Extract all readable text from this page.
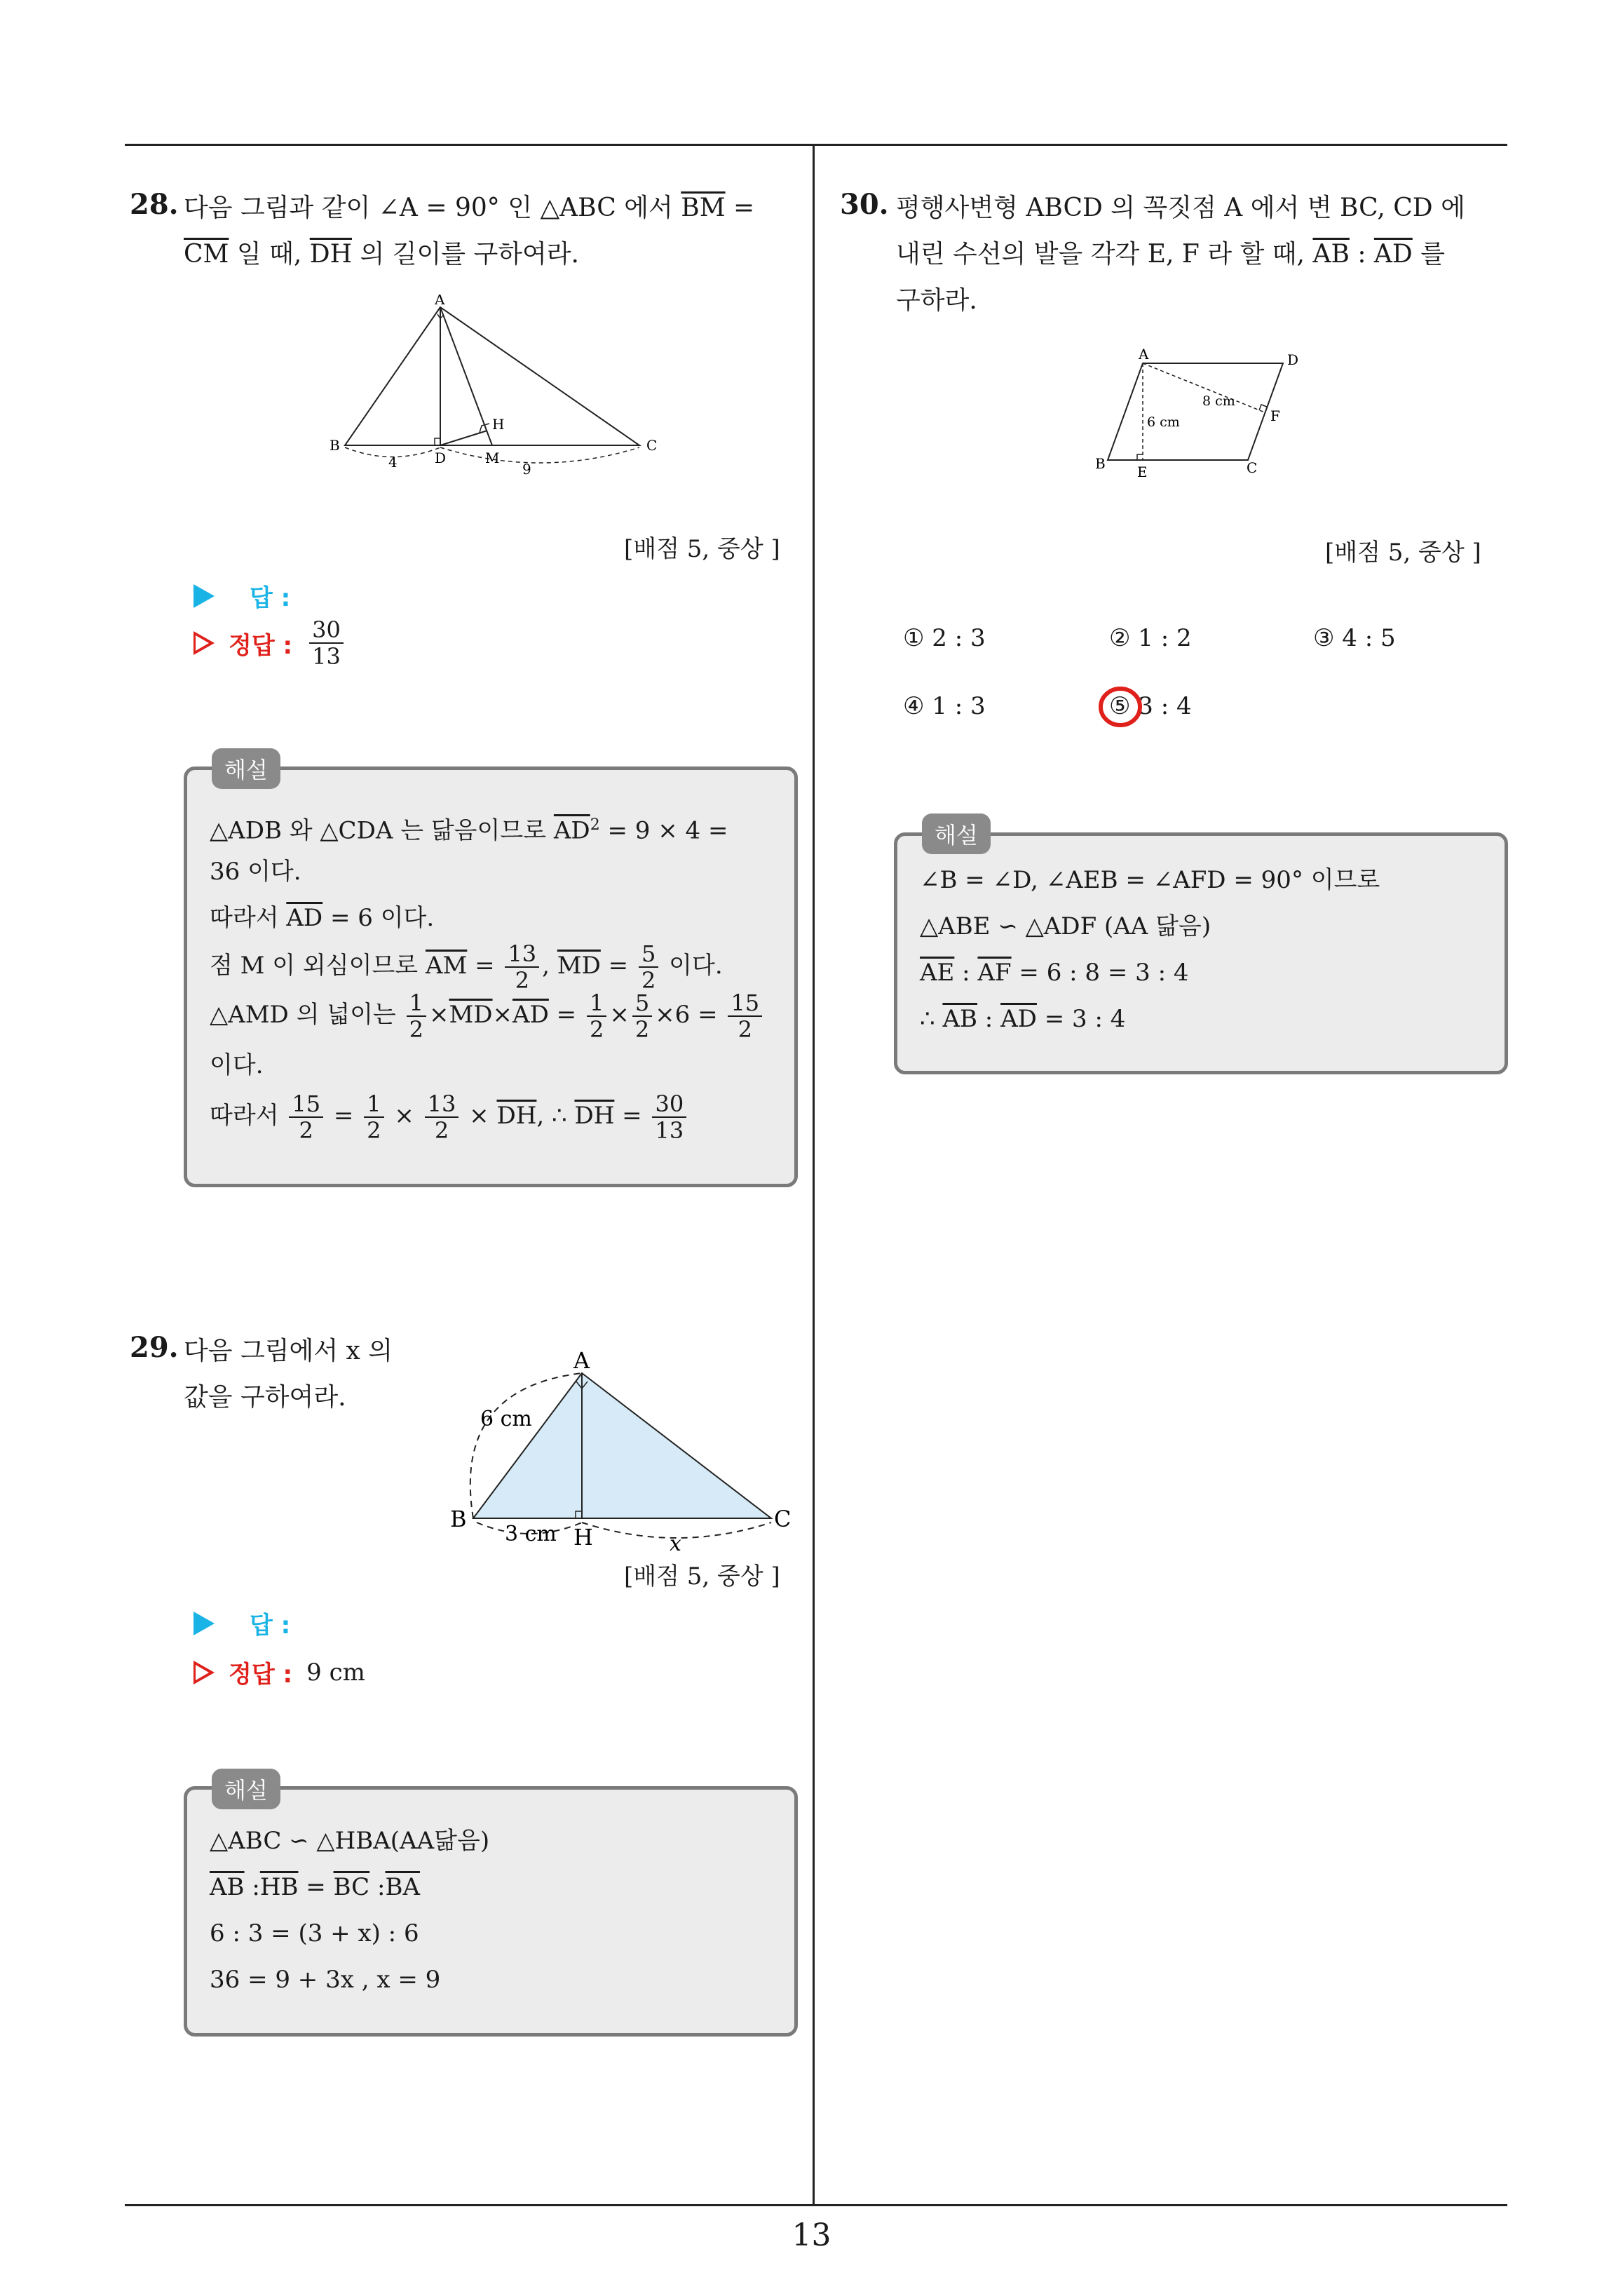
13
28. 다음 그림과 같이 ∠A = 90° 인 △ABC 에서 $\overline{BM}$ =
$\overline{CM}$ 일 때, $\overline{DH}$ 의 길이를 구하여라.
A
B	C
D
H
M
4	9
[배점 5, 중상 ]
답 :
정답 : $\frac{30}{13}$
△ADB 와 △CDA 는 닮음이므로 $\overline{AD}^2 = 9 \times 4$ =
36 이다.
따라서 $\overline{AD} = 6$ 이다.
점 M 이 외심이므로 $\overline{AM} = \frac{13}{2}$ , $\overline{MD} = \frac{5}{2}$ 이다.
△AMD 의 넓이는 $\frac{1}{2} \times\overline{MD}\times\overline{AD} = \frac{1}{2} \times \frac{5}{2} \times 6 = \frac{15}{2}$
이다.
따라서 $\frac{15}{2} = \frac{1}{2} \times \frac{13}{2} \times \overline{DH}$, ∴ $\overline{DH} = \frac{30}{13}$
해설
29. 다음 그림에서 x 의
값을 구하여라.
A
B	C
H
6 cm
3 cm	x
[배점 5, 중상 ]
답 :
정답 : 9 cm
△ABC ∽ △HBA(AA닮음)
$\overline{AB}$ $:\overline{HB} = \overline{BC}$ $:\overline{BA}$
6 : 3 = (3 + x) : 6
36 = 9 + 3x , x = 9
해설
30. 평행사변형 ABCD 의 꼭짓점 A 에서 변 BC, CD 에
내린 수선의 발을 각각 E, F 라 할 때, $\overline{AB}$ : $\overline{AD}$ 를
구하라.
A	D
F
B E	C
6 cm
8 cm
[배점 5, 중상 ]
① 2 : 3	② 1 : 2	③ 4 : 5
④ 1 : 3	⑤ 3 : 4
∠B = ∠D, ∠AEB = ∠AFD = 90° 이므로
△ABE ∽ △ADF (AA 닮음)
$\overline{AE}$ : $\overline{AF} = 6$ : 8 = 3 : 4
∴ $\overline{AB}$ : $\overline{AD} = 3$ : 4
해설
